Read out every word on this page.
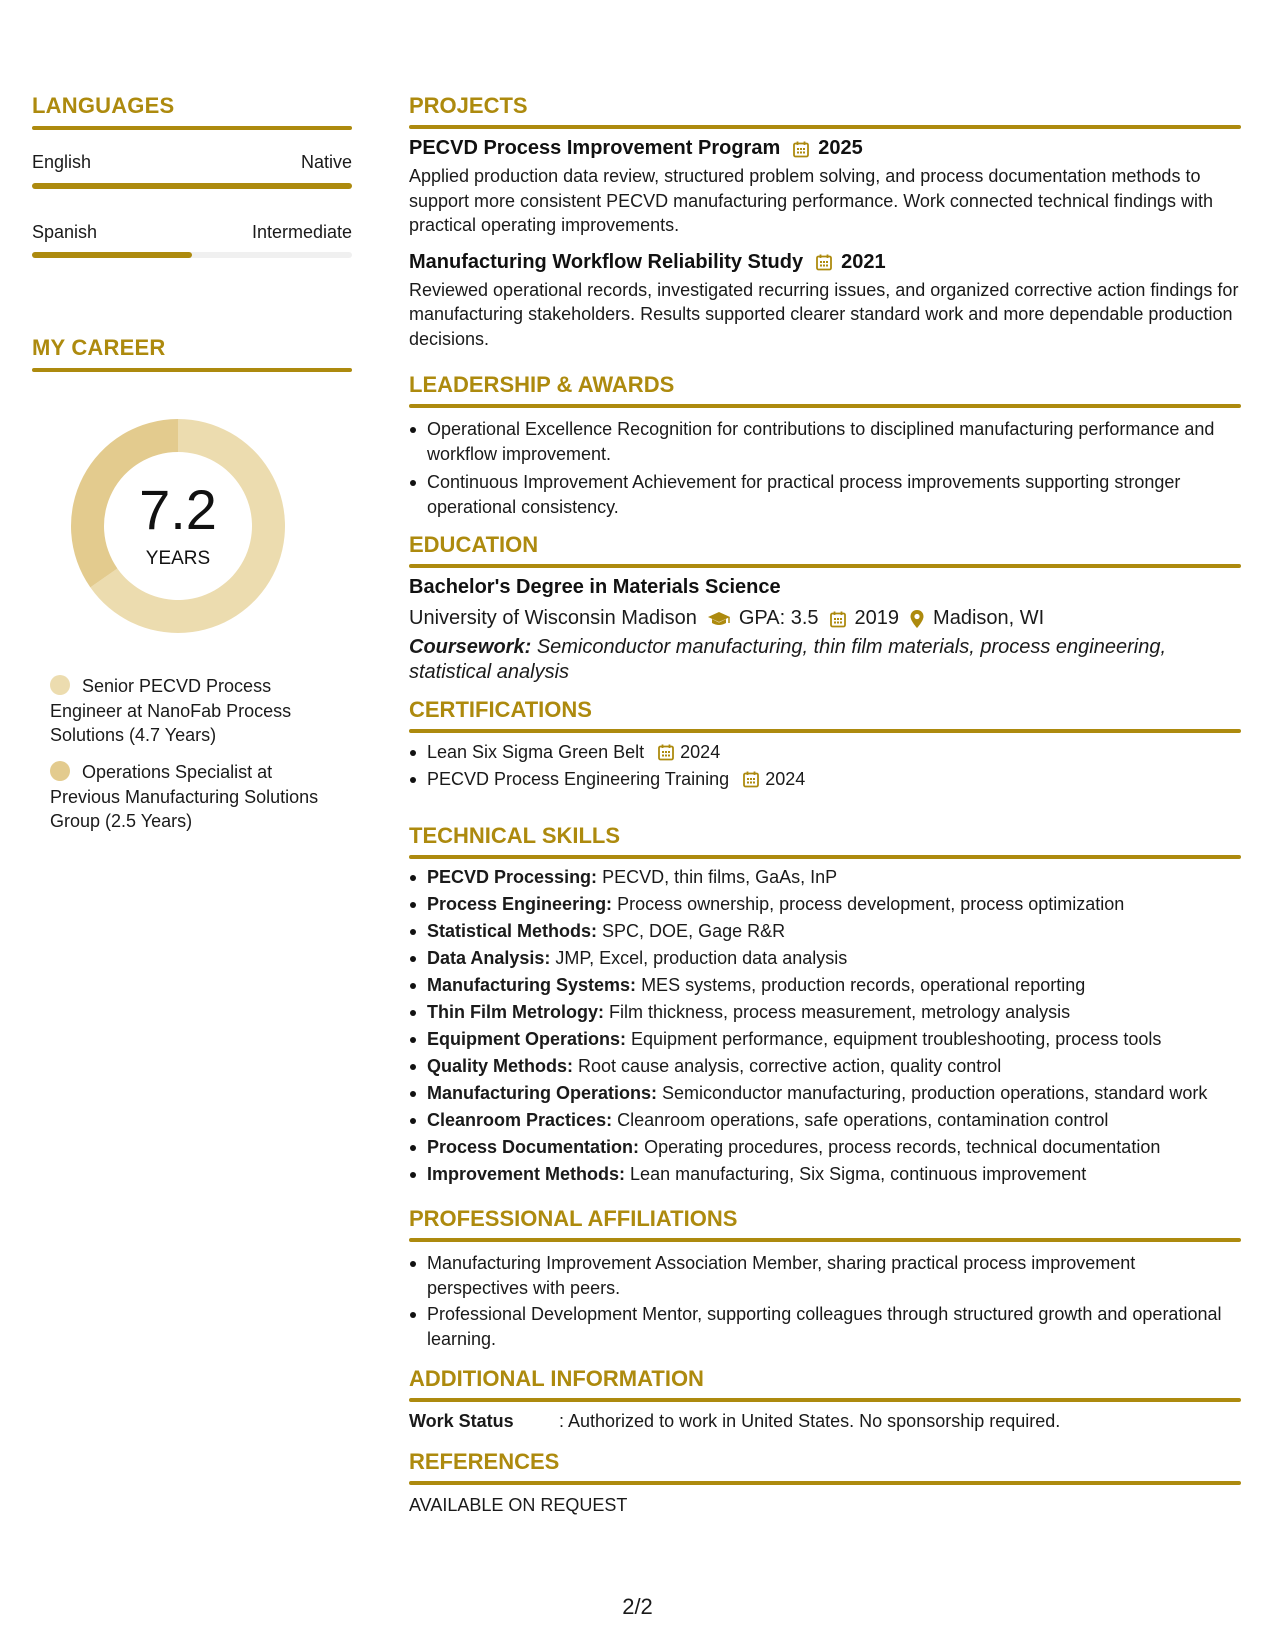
LANGUAGES
English	Native
Spanish	Intermediate
MY CAREER
7.2
YEARS
Senior PECVD Process Engineer at NanoFab Process Solutions (4.7 Years)
Operations Specialist at Previous Manufacturing Solutions Group (2.5 Years)
PROJECTS
PECVD Process Improvement Program 2025
Applied production data review, structured problem solving, and process documentation methods to support more consistent PECVD manufacturing performance. Work connected technical findings with practical operating improvements.
Manufacturing Workflow Reliability Study 2021
Reviewed operational records, investigated recurring issues, and organized corrective action findings for manufacturing stakeholders. Results supported clearer standard work and more dependable production decisions.
LEADERSHIP & AWARDS
Operational Excellence Recognition for contributions to disciplined manufacturing performance and workflow improvement.
Continuous Improvement Achievement for practical process improvements supporting stronger operational consistency.
EDUCATION
Bachelor's Degree in Materials Science
University of Wisconsin Madison GPA: 3.5 2019 Madison, WI
Coursework: Semiconductor manufacturing, thin film materials, process engineering, statistical analysis
CERTIFICATIONS
Lean Six Sigma Green Belt 2024
PECVD Process Engineering Training 2024
TECHNICAL SKILLS
PECVD Processing: PECVD, thin films, GaAs, InP
Process Engineering: Process ownership, process development, process optimization
Statistical Methods: SPC, DOE, Gage R&R
Data Analysis: JMP, Excel, production data analysis
Manufacturing Systems: MES systems, production records, operational reporting
Thin Film Metrology: Film thickness, process measurement, metrology analysis
Equipment Operations: Equipment performance, equipment troubleshooting, process tools
Quality Methods: Root cause analysis, corrective action, quality control
Manufacturing Operations: Semiconductor manufacturing, production operations, standard work
Cleanroom Practices: Cleanroom operations, safe operations, contamination control
Process Documentation: Operating procedures, process records, technical documentation
Improvement Methods: Lean manufacturing, Six Sigma, continuous improvement
PROFESSIONAL AFFILIATIONS
Manufacturing Improvement Association Member, sharing practical process improvement perspectives with peers.
Professional Development Mentor, supporting colleagues through structured growth and operational learning.
ADDITIONAL INFORMATION
Work Status	: Authorized to work in United States. No sponsorship required.
REFERENCES
AVAILABLE ON REQUEST
2/2
